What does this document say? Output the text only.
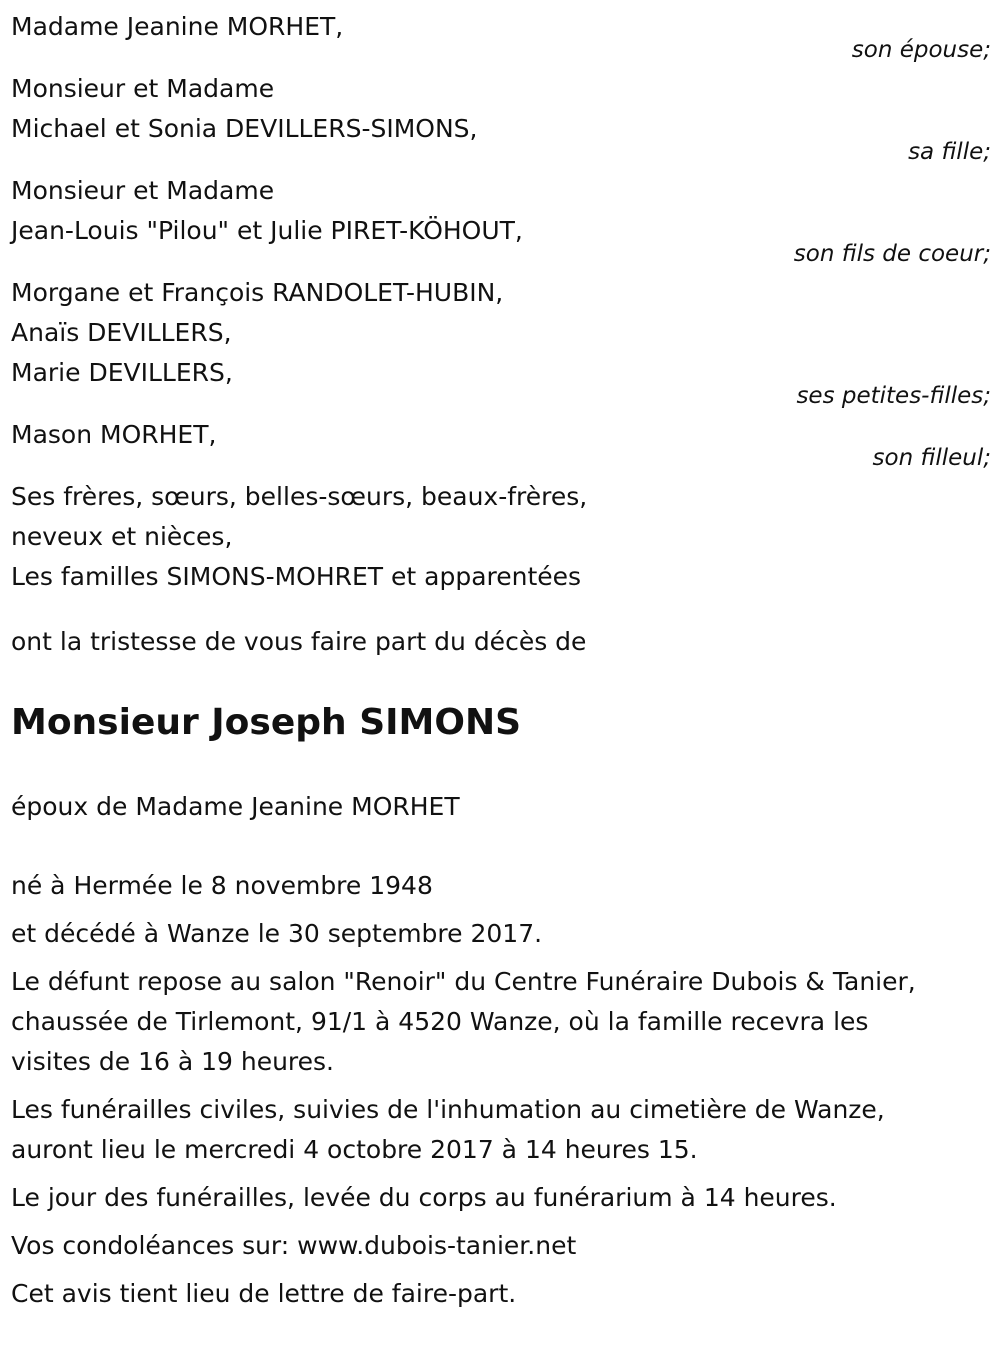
Madame Jeanine MORHET,
son épouse;
Monsieur et Madame
Michael et Sonia DEVILLERS-SIMONS,
sa fille;
Monsieur et Madame
Jean-Louis "Pilou" et Julie PIRET-KÖHOUT,
son fils de coeur;
Morgane et François RANDOLET-HUBIN,
Anaïs DEVILLERS,
Marie DEVILLERS,
ses petites-filles;
Mason MORHET,
son filleul;
Ses frères, sœurs, belles-sœurs, beaux-frères,
neveux et nièces,
Les familles SIMONS-MOHRET et apparentées
ont la tristesse de vous faire part du décès de
Monsieur Joseph SIMONS
époux de Madame Jeanine MORHET
né à Hermée le 8 novembre 1948
et décédé à Wanze le 30 septembre 2017.
Le défunt repose au salon "Renoir" du Centre Funéraire Dubois & Tanier,
chaussée de Tirlemont, 91/1 à 4520 Wanze, où la famille recevra les
visites de 16 à 19 heures.
Les funérailles civiles, suivies de l'inhumation au cimetière de Wanze,
auront lieu le mercredi 4 octobre 2017 à 14 heures 15.
Le jour des funérailles, levée du corps au funérarium à 14 heures.
Vos condoléances sur: www.dubois-tanier.net
Cet avis tient lieu de lettre de faire-part.
